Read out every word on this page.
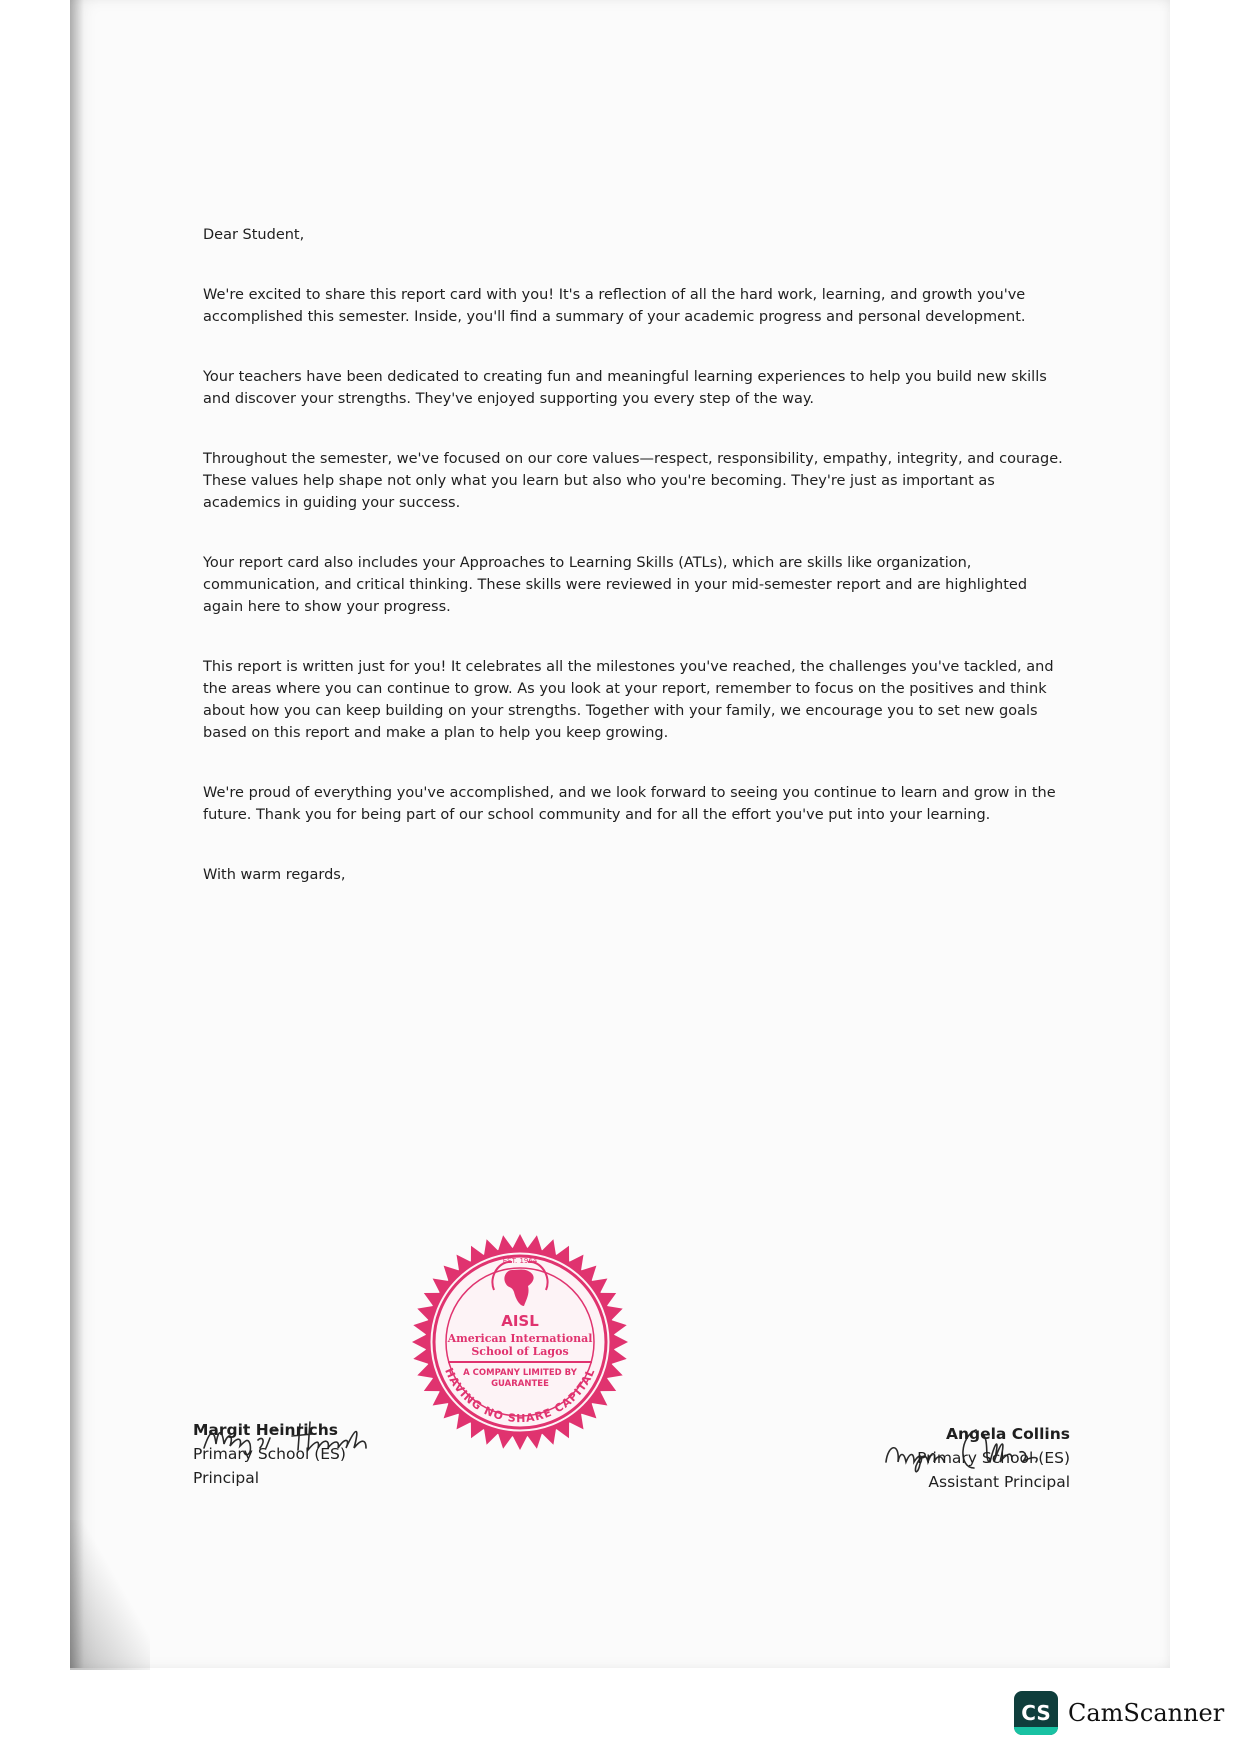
Dear Student,

We're excited to share this report card with you! It's a reflection of all the hard work, learning, and growth you've accomplished this semester. Inside, you'll find a summary of your academic progress and personal development.

Your teachers have been dedicated to creating fun and meaningful learning experiences to help you build new skills and discover your strengths. They've enjoyed supporting you every step of the way.

Throughout the semester, we've focused on our core values—respect, responsibility, empathy, integrity, and courage. These values help shape not only what you learn but also who you're becoming. They're just as important as academics in guiding your success.

Your report card also includes your Approaches to Learning Skills (ATLs), which are skills like organization, communication, and critical thinking. These skills were reviewed in your mid-semester report and are highlighted again here to show your progress.

This report is written just for you! It celebrates all the milestones you've reached, the challenges you've tackled, and the areas where you can continue to grow. As you look at your report, remember to focus on the positives and think about how you can keep building on your strengths. Together with your family, we encourage you to set new goals based on this report and make a plan to help you keep growing.

We're proud of everything you've accomplished, and we look forward to seeing you continue to learn and grow in the future. Thank you for being part of our school community and for all the effort you've put into your learning.

With warm regards,

EST. 1964
AISL
American International
School of Lagos
A COMPANY LIMITED BY
GUARANTEE
HAVING NO SHARE CAPITAL
Margit Heinrichs
Primary School (ES)
Principal
Angela Collins
Primary School (ES)
Assistant Principal
CS CamScanner
